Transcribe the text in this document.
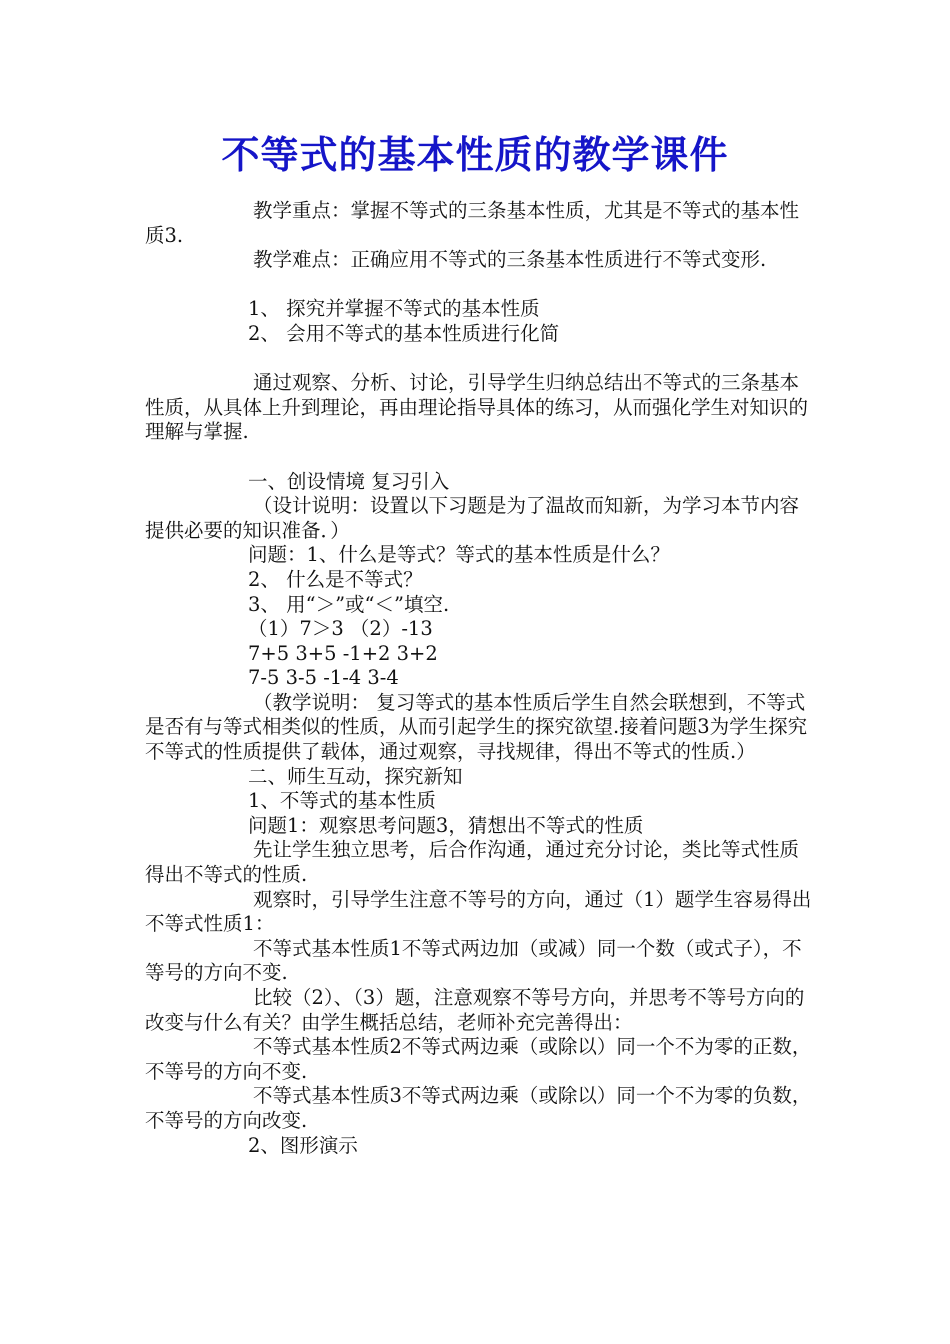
不等式的基本性质的教学课件

教学重点：掌握不等式的三条基本性质，尤其是不等式的基本性质3.

教学难点：正确应用不等式的三条基本性质进行不等式变形.

1、 探究并掌握不等式的基本性质

2、 会用不等式的基本性质进行化简

通过观察、分析、讨论，引导学生归纳总结出不等式的三条基本性质，从具体上升到理论，再由理论指导具体的练习，从而强化学生对知识的理解与掌握.

一、创设情境 复习引入

（设计说明：设置以下习题是为了温故而知新，为学习本节内容提供必要的知识准备．）

问题：1、什么是等式？等式的基本性质是什么？

2、 什么是不等式？

3、 用“＞”或“＜”填空.

（1）7＞3 （2）-13

7+5 3+5 -1+2 3+2

7-5 3-5 -1-4 3-4

（教学说明： 复习等式的基本性质后学生自然会联想到，不等式是否有与等式相类似的性质，从而引起学生的探究欲望.接着问题3为学生探究不等式的性质提供了载体，通过观察，寻找规律，得出不等式的性质.）

二、师生互动，探究新知

1、不等式的基本性质

问题1：观察思考问题3，猜想出不等式的性质

先让学生独立思考，后合作沟通，通过充分讨论，类比等式性质得出不等式的性质.

观察时，引导学生注意不等号的方向，通过（1）题学生容易得出不等式性质1：

不等式基本性质1不等式两边加（或减）同一个数（或式子），不等号的方向不变.

比较（2）、（3）题，注意观察不等号方向，并思考不等号方向的改变与什么有关？由学生概括总结，老师补充完善得出：

不等式基本性质2不等式两边乘（或除以）同一个不为零的正数，不等号的方向不变.

不等式基本性质3不等式两边乘（或除以）同一个不为零的负数，不等号的方向改变.

2、图形演示
